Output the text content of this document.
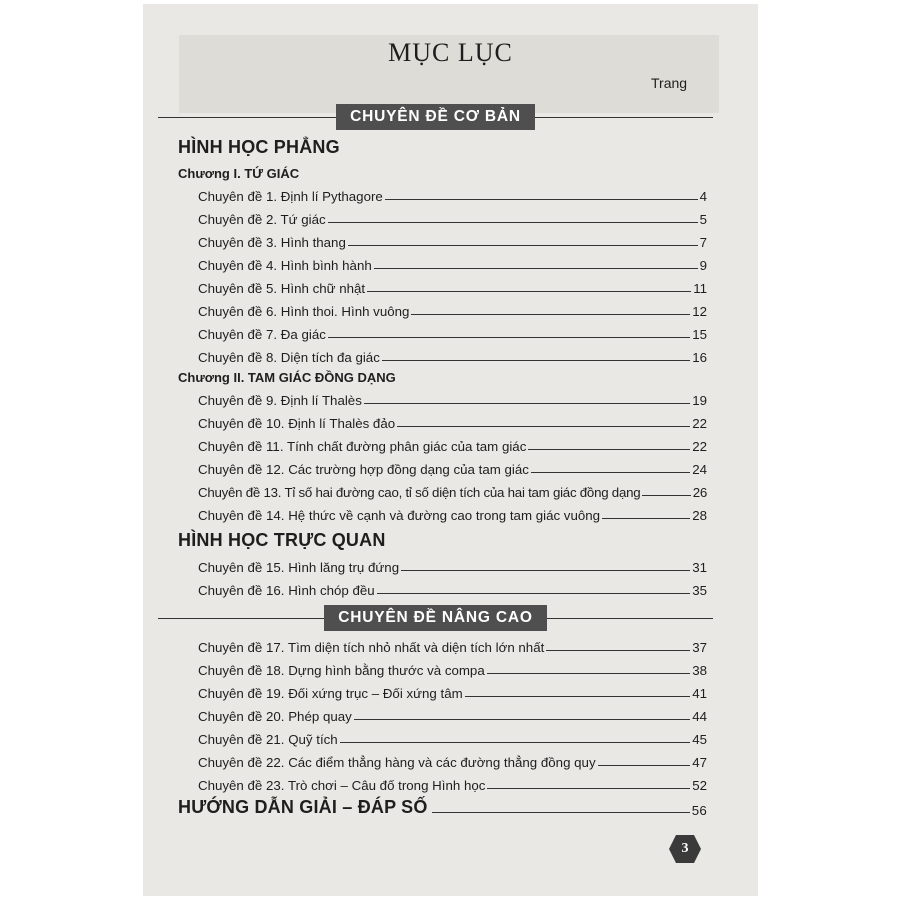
MỤC LỤC
Trang
CHUYÊN ĐỀ CƠ BẢN
HÌNH HỌC PHẲNG
Chương I. TỨ GIÁC
Chuyên đề 1. Định lí Pythagore	4
Chuyên đề 2. Tứ giác	5
Chuyên đề 3. Hình thang	7
Chuyên đề 4. Hình bình hành	9
Chuyên đề 5. Hình chữ nhật	11
Chuyên đề 6. Hình thoi. Hình vuông	12
Chuyên đề 7. Đa giác	15
Chuyên đề 8. Diện tích đa giác	16
Chương II. TAM GIÁC ĐỒNG DẠNG
Chuyên đề 9. Định lí Thalès	19
Chuyên đề 10. Định lí Thalès đảo	22
Chuyên đề 11. Tính chất đường phân giác của tam giác	22
Chuyên đề 12. Các trường hợp đồng dạng của tam giác	24
Chuyên đề 13. Tỉ số hai đường cao, tỉ số diện tích của hai tam giác đồng dạng	26
Chuyên đề 14. Hệ thức về cạnh và đường cao trong tam giác vuông	28
HÌNH HỌC TRỰC QUAN
Chuyên đề 15. Hình lăng trụ đứng	31
Chuyên đề 16. Hình chóp đều	35
CHUYÊN ĐỀ NÂNG CAO
Chuyên đề 17. Tìm diện tích nhỏ nhất và diện tích lớn nhất	37
Chuyên đề 18. Dựng hình bằng thước và compa	38
Chuyên đề 19. Đối xứng trục – Đối xứng tâm	41
Chuyên đề 20. Phép quay	44
Chuyên đề 21. Quỹ tích	45
Chuyên đề 22. Các điểm thẳng hàng và các đường thẳng đồng quy	47
Chuyên đề 23. Trò chơi – Câu đố trong Hình học	52
HƯỚNG DẪN GIẢI – ĐÁP SỐ	56
3
